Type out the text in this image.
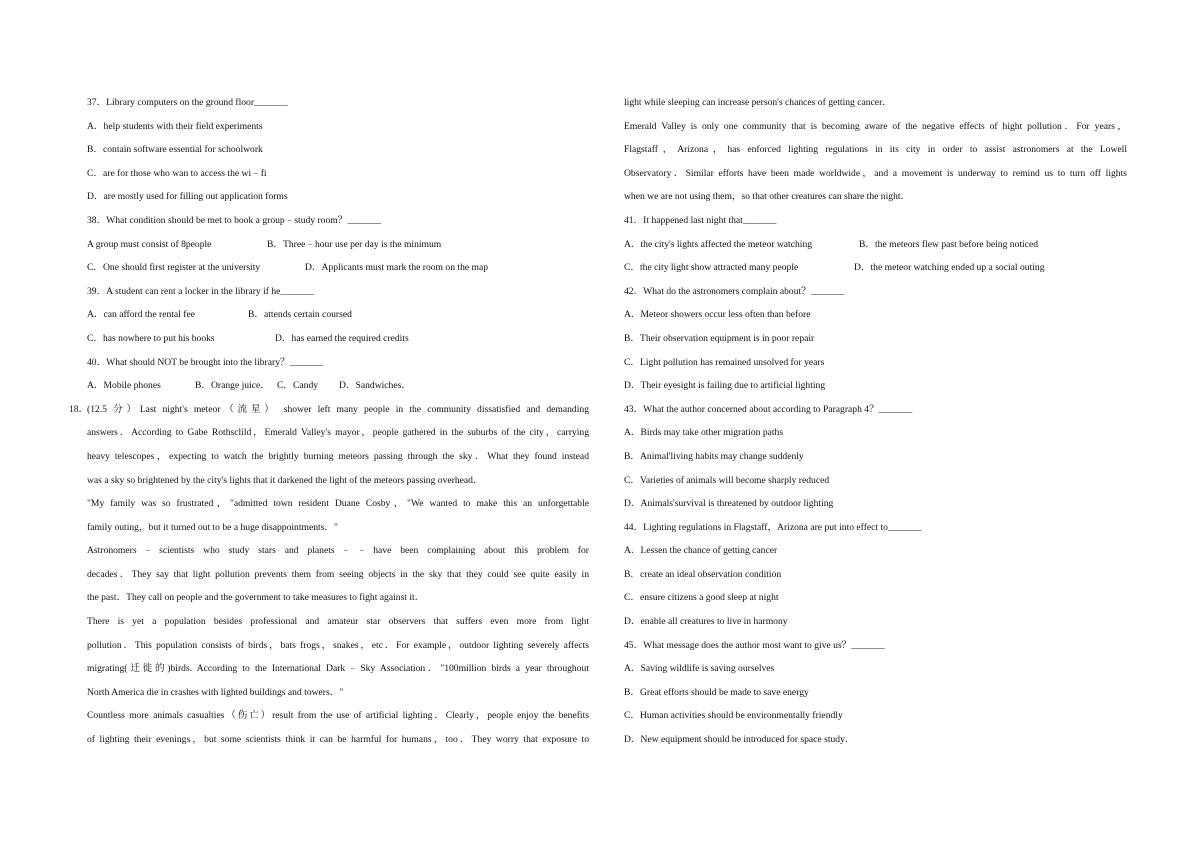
37．Library computers on the ground floor_______
A．help students with their field experiments
B．contain software essential for schoolwork
C．are for those who wan to access the wi﹣fi
D．are mostly used for filling out application forms
38．What condition should be met to book a group﹣study room？_______
A group must consist of 8people	B．Three﹣hour use per day is the minimum
C．One should first register at the university	D．Applicants must mark the room on the map
39．A student can rent a locker in the library if he_______
A．can afford the rental fee	B．attends certain coursed
C．has nowhere to put his books	D．has earned the required credits
40．What should NOT be brought into the library？_______
A．Mobile phones	B．Orange juice． C．Candy	D．Sandwiches．
18．
(12.5 分）Last night's meteor（流星） shower left many people in the community dissatisfied and demanding
answers．According to Gabe Rothsclild，Emerald Valley's mayor，people gathered in the suburbs of the city，carrying
heavy telescopes，expecting to watch the brightly burning meteors passing through the sky．What they found instead
was a sky so brightened by the city's lights that it darkened the light of the meteors passing overhead．
"My family was so frustrated，"admitted town resident Duane Cosby，"We wanted to make this an unforgettable
family outing，but it turned out to be a huge disappointments．"
Astronomers﹣scientists who study stars and planets﹣﹣have been complaining about this problem for
decades．They say that light pollution prevents them from seeing objects in the sky that they could see quite easily in
the past．They call on people and the government to take measures to fight against it．
There is yet a population besides professional and amateur star observers that suffers even more from light
pollution．This population consists of birds，bats frogs，snakes，etc．For example，outdoor lighting severely affects
migrating(迁徙的)birds. According to the International Dark﹣Sky Association．"100million birds a year throughout
North America die in crashes with lighted buildings and towers．"
Countless more animals casualties（伤亡）result from the use of artificial lighting．Clearly，people enjoy the benefits
of lighting their evenings，but some scientists think it can be harmful for humans，too．They worry that exposure to
light while sleeping can increase person's chances of getting cancer．
Emerald Valley is only one community that is becoming aware of the negative effects of hight pollution．For years，
Flagstaff，Arizona，has enforced lighting regulations in its city in order to assist astronomers at the Lowell
Observatory．Similar efforts have been made worldwide，and a movement is underway to remind us to turn off lights
when we are not using them，so that other creatures can share the night．
41．It happened last night that_______
A．the city's lights affected the meteor watching	B．the meteors flew past before being noticed
C．the city light show attracted many people	D．the meteor watching ended up a social outing
42．What do the astronomers complain about？_______
A．Meteor showers occur less often than before
B．Their observation equipment is in poor repair
C．Light pollution has remained unsolved for years
D．Their eyesight is failing due to artificial lighting
43．What the author concerned about according to Paragraph 4？_______
A．Birds may take other migration paths
B．Animal'living habits may change suddenly
C．Varieties of animals will become sharply reduced
D．Animals'survival is threatened by outdoor lighting
44．Lighting regulations in Flagstaff，Arizona are put into effect to_______
A．Lessen the chance of getting cancer
B．create an ideal observation condition
C．ensure citizens a good sleep at night
D．enable all creatures to live in harmony
45．What message does the author most want to give us？_______
A．Saving wildlife is saving ourselves
B．Great efforts should be made to save energy
C．Human activities should be environmentally friendly
D．New equipment should be introduced for space study．
